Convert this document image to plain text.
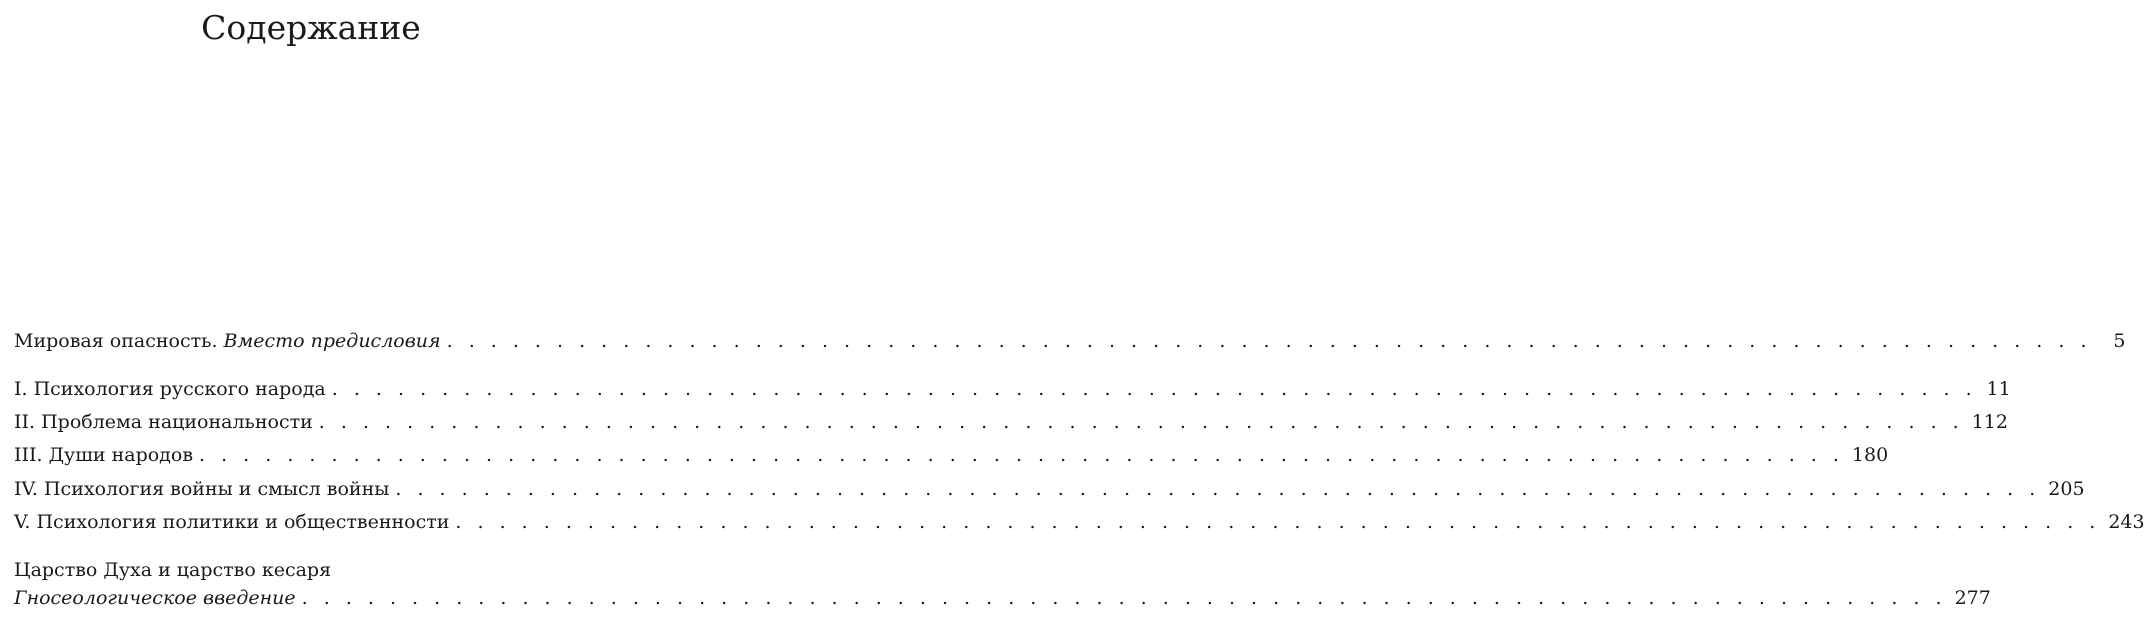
Содержание
Мировая опасность. Вместо предисловия . . . . . . . . . . . . . . . . . . . . . . . . . . . . . . . . . . . . . . . . . . . . . . . . . . . . . . . . . . . . . . . . . . . . . . . . . . .	5
I. Психология русского народа . . . . . . . . . . . . . . . . . . . . . . . . . . . . . . . . . . . . . . . . . . . . . . . . . . . . . . . . . . . . . . . . . . . . . . . . . . . 11
II. Проблема национальности . . . . . . . . . . . . . . . . . . . . . . . . . . . . . . . . . . . . . . . . . . . . . . . . . . . . . . . . . . . . . . . . . . . . . . . . . . . 112
III. Души народов . . . . . . . . . . . . . . . . . . . . . . . . . . . . . . . . . . . . . . . . . . . . . . . . . . . . . . . . . . . . . . . . . . . . . . . . . . . 180
IV. Психология войны и смысл войны . . . . . . . . . . . . . . . . . . . . . . . . . . . . . . . . . . . . . . . . . . . . . . . . . . . . . . . . . . . . . . . . . . . . . . . . . . . 205
V. Психология политики и общественности . . . . . . . . . . . . . . . . . . . . . . . . . . . . . . . . . . . . . . . . . . . . . . . . . . . . . . . . . . . . . . . . . . . . . . . . . . . 243
Царство Духа и царство кесаря
Гносеологическое введение . . . . . . . . . . . . . . . . . . . . . . . . . . . . . . . . . . . . . . . . . . . . . . . . . . . . . . . . . . . . . . . . . . . . . . . . . . . 277
